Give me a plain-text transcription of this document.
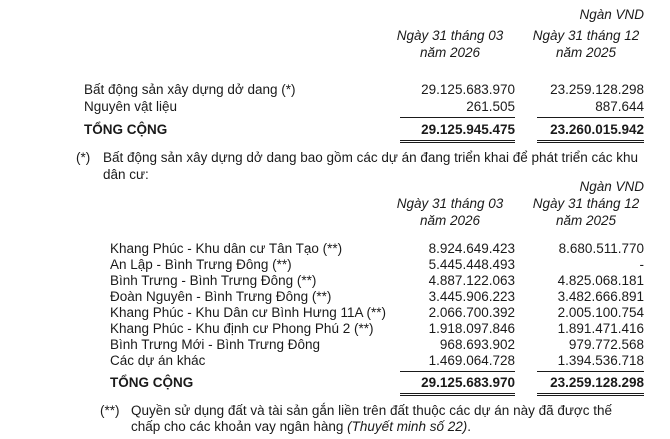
Ngàn VND
Ngày 31 tháng 03
năm 2026
Ngày 31 tháng 12
năm 2025
Bất động sản xây dựng dở dang (*)	29.125.683.970	23.259.128.298
Nguyên vật liệu	261.505	887.644
TỔNG CỘNG	29.125.945.475	23.260.015.942
(*) Bất động sản xây dựng dở dang bao gồm các dự án đang triển khai để phát triển các khu
dân cư:
Ngàn VND
Ngày 31 tháng 03
năm 2026
Ngày 31 tháng 12
năm 2025
Khang Phúc - Khu dân cư Tân Tạo (**)	8.924.649.423	8.680.511.770
An Lập - Bình Trưng Đông (**)	5.445.448.493	-
Bình Trưng - Bình Trưng Đông (**)	4.887.122.063	4.825.068.181
Đoàn Nguyên - Bình Trưng Đông (**)	3.445.906.223	3.482.666.891
Khang Phúc - Khu Dân cư Bình Hưng 11A (**)	2.066.700.392	2.005.100.754
Khang Phúc - Khu định cư Phong Phú 2 (**)	1.918.097.846	1.891.471.416
Bình Trưng Mới - Bình Trưng Đông	968.693.902	979.772.568
Các dự án khác	1.469.064.728	1.394.536.718
TỔNG CỘNG	29.125.683.970	23.259.128.298
(**) Quyền sử dụng đất và tài sản gắn liền trên đất thuộc các dự án này đã được thế
chấp cho các khoản vay ngân hàng (Thuyết minh số 22).
